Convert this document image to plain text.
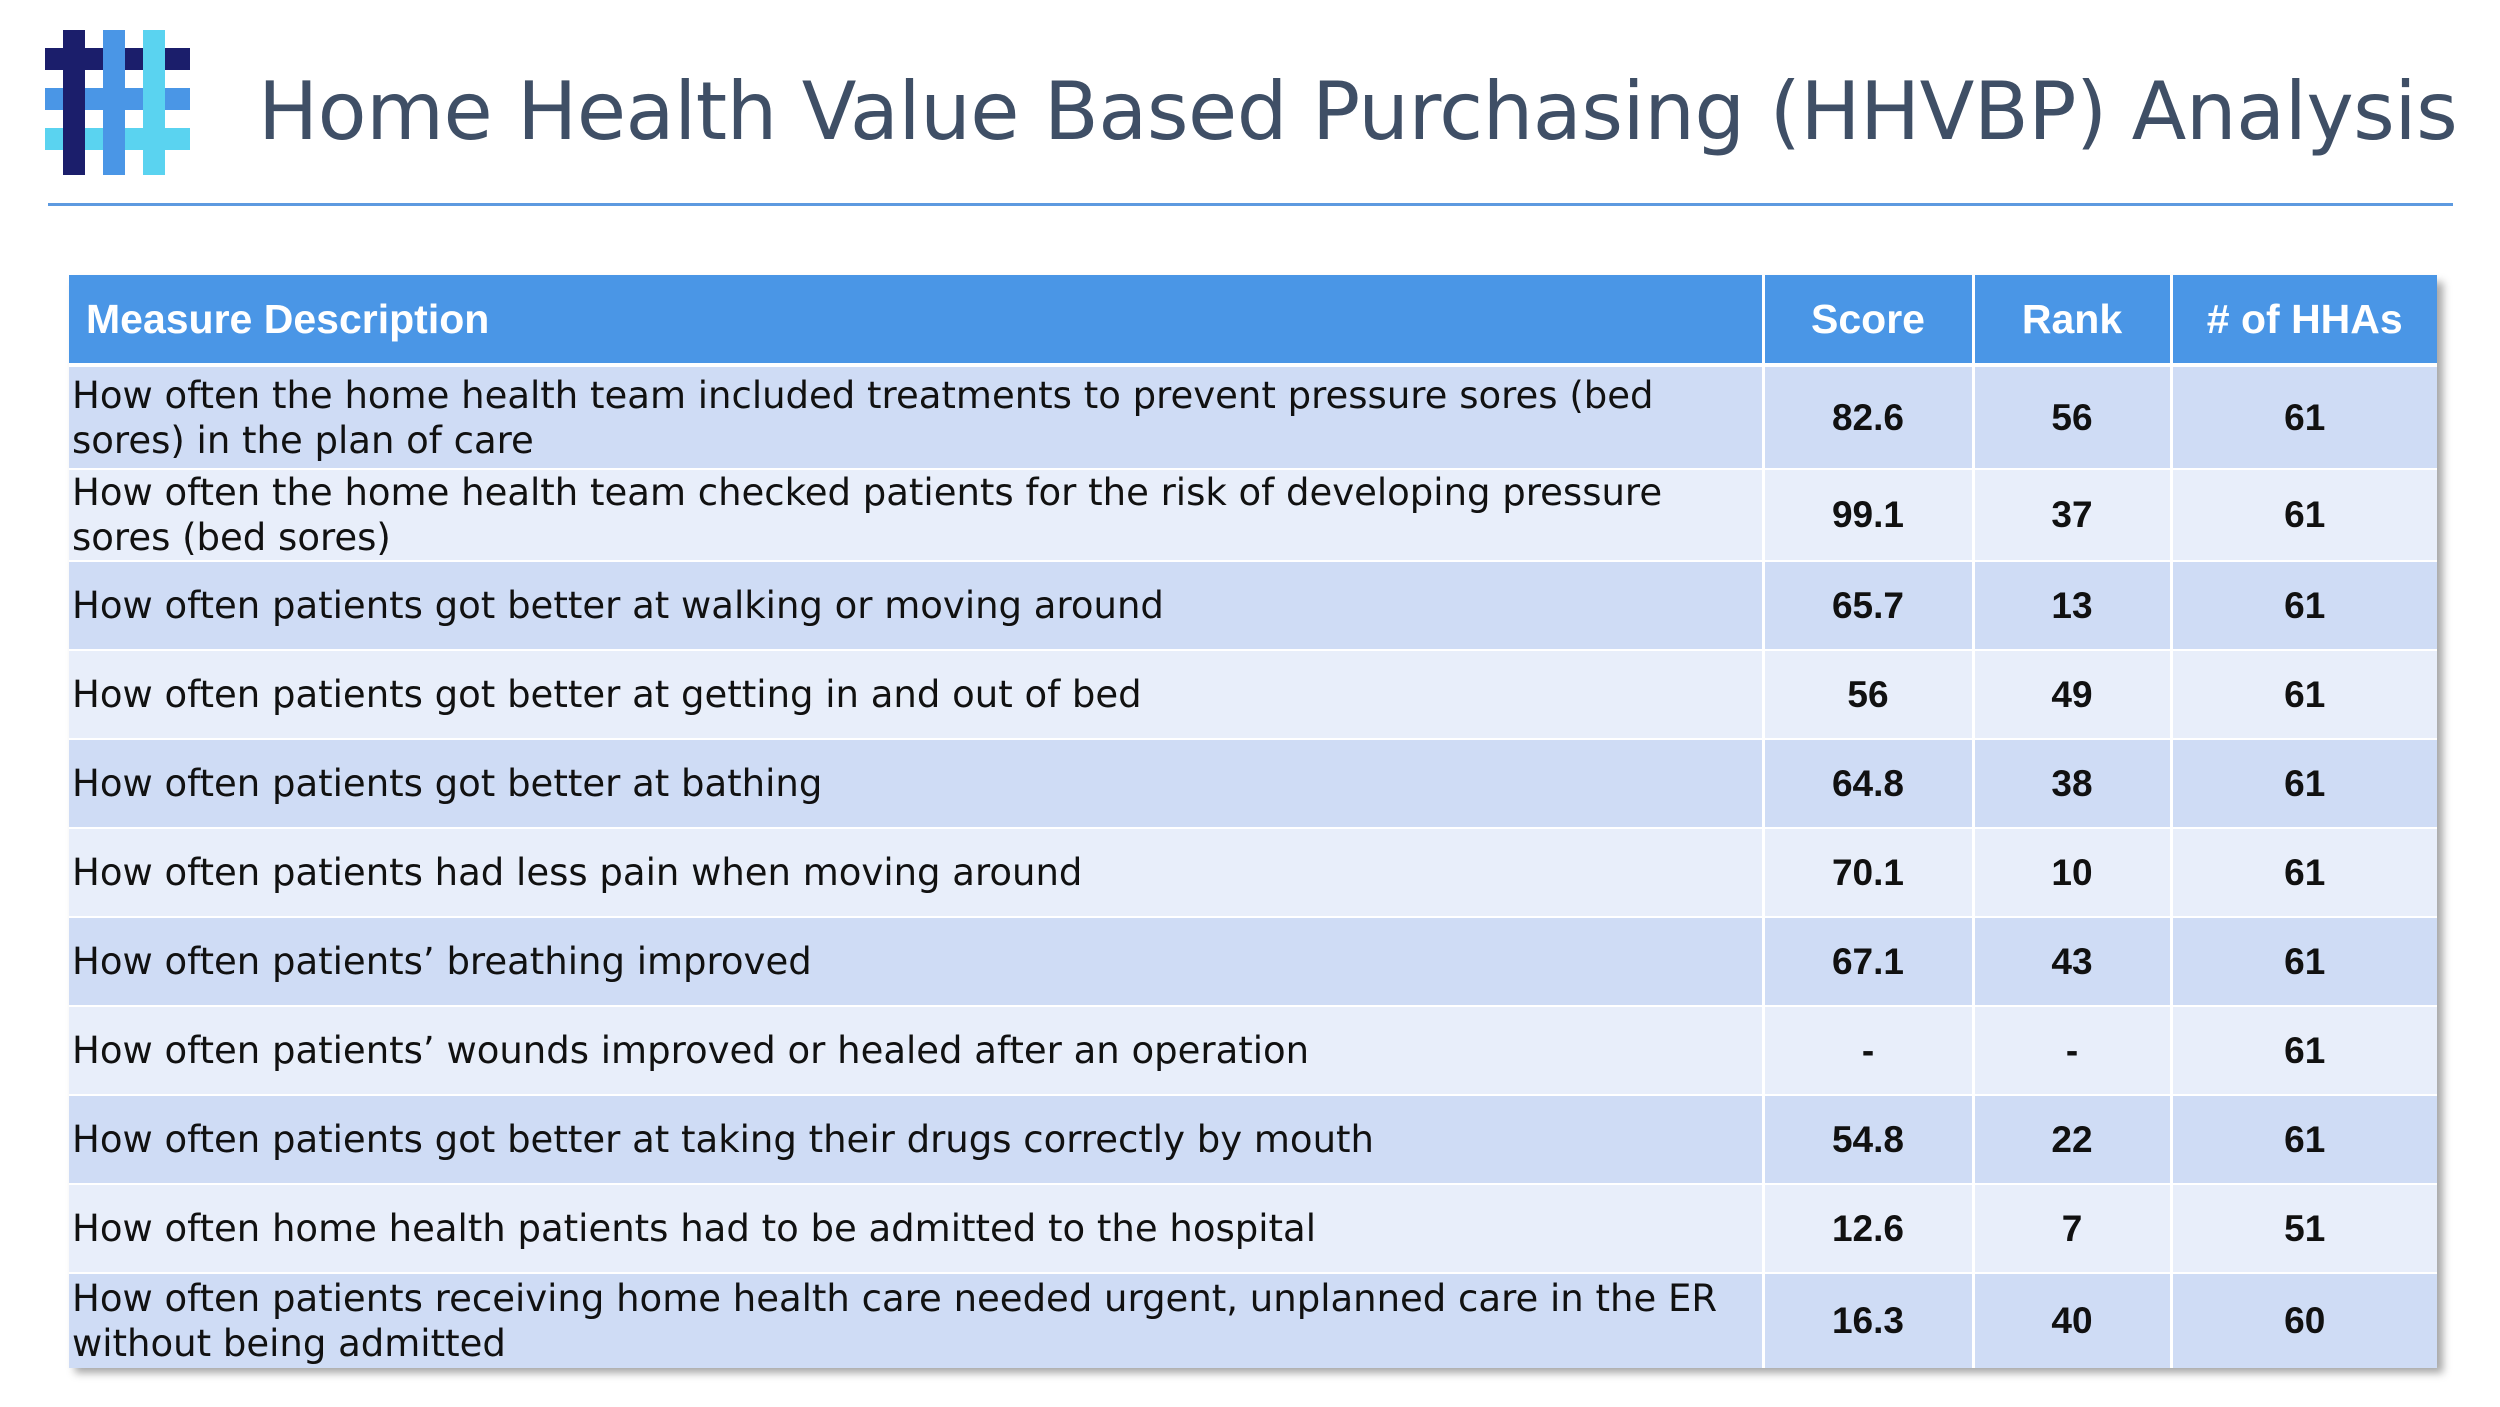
Home Health Value Based Purchasing (HHVBP) Analysis
Measure Description	Score	Rank	# of HHAs
How often the home health team included treatments to prevent pressure sores (bed sores) in the plan of care	82.6	56	61
How often the home health team checked patients for the risk of developing pressure sores (bed sores)	99.1	37	61
How often patients got better at walking or moving around	65.7	13	61
How often patients got better at getting in and out of bed	56	49	61
How often patients got better at bathing	64.8	38	61
How often patients had less pain when moving around	70.1	10	61
How often patients’ breathing improved	67.1	43	61
How often patients’ wounds improved or healed after an operation	-	-	61
How often patients got better at taking their drugs correctly by mouth	54.8	22	61
How often home health patients had to be admitted to the hospital	12.6	7	51
How often patients receiving home health care needed urgent, unplanned care in the ER without being admitted	16.3	40	60
